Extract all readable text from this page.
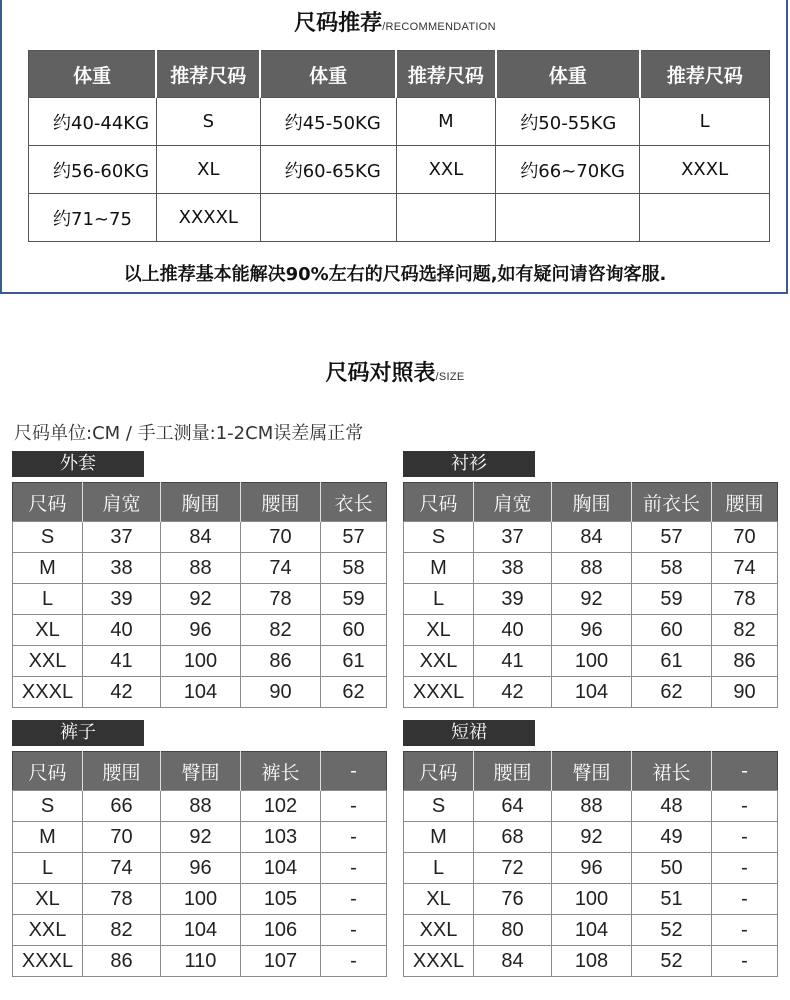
尺码推荐/RECOMMENDATION
体重	推荐尺码	体重	推荐尺码	体重	推荐尺码
约40-44KG	S	约45-50KG	M	约50-55KG	L
约56-60KG	XL	约60-65KG	XXL	约66~70KG	XXXL
约71~75	XXXXL				
以上推荐基本能解决90%左右的尺码选择问题,如有疑问请咨询客服.
尺码对照表/SIZE
尺码单位:CM / 手工测量:1-2CM误差属正常
外套	衬衫
裤子	短裙
尺码	肩宽	胸围	腰围	衣长
S	37	84	70	57
M	38	88	74	58
L	39	92	78	59
XL	40	96	82	60
XXL	41	100	86	61
XXXL	42	104	90	62
尺码	肩宽	胸围	前衣长	腰围
S	37	84	57	70
M	38	88	58	74
L	39	92	59	78
XL	40	96	60	82
XXL	41	100	61	86
XXXL	42	104	62	90
尺码	腰围	臀围	裤长	-
S	66	88	102	-
M	70	92	103	-
L	74	96	104	-
XL	78	100	105	-
XXL	82	104	106	-
XXXL	86	110	107	-
尺码	腰围	臀围	裙长	-
S	64	88	48	-
M	68	92	49	-
L	72	96	50	-
XL	76	100	51	-
XXL	80	104	52	-
XXXL	84	108	52	-
